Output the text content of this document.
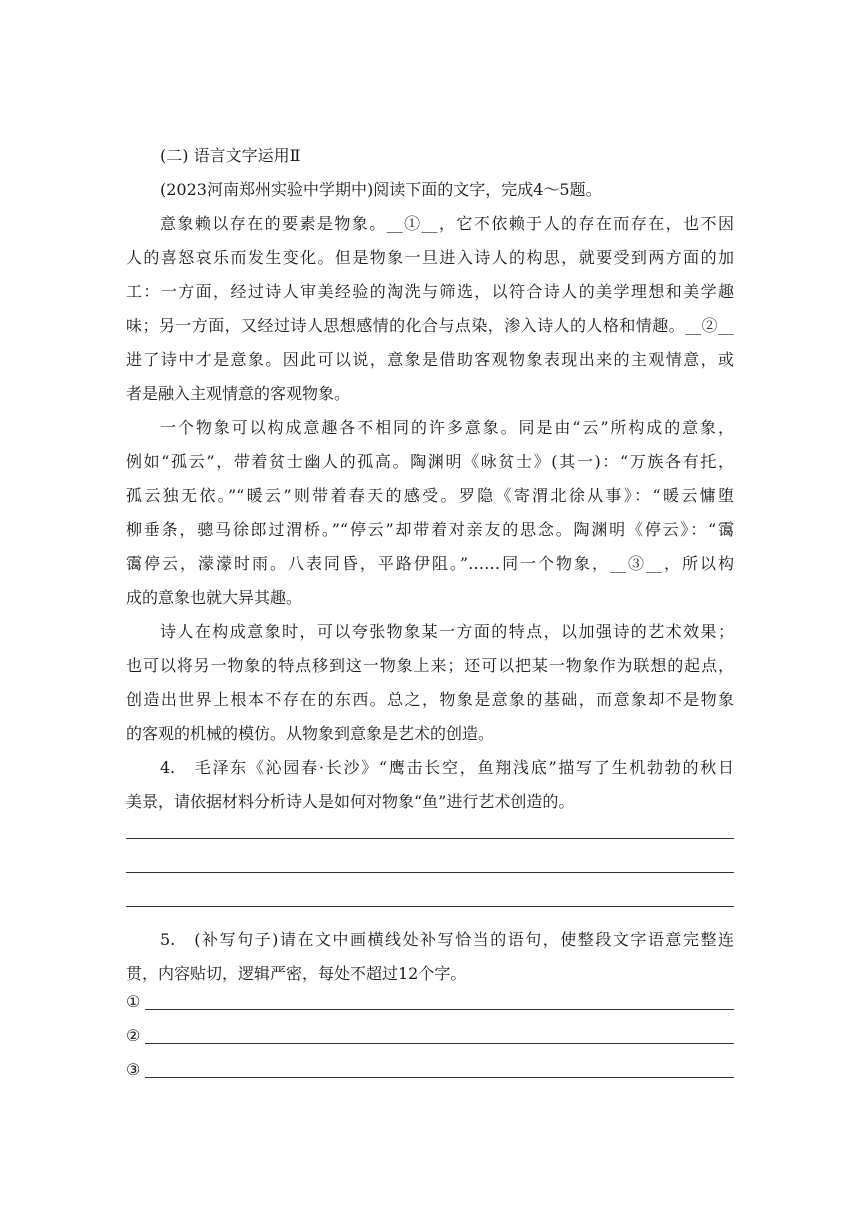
(二) 语言文字运用Ⅱ
(2023河南郑州实验中学期中)阅读下面的文字，完成4～5题。
意象赖以存在的要素是物象。__①__，它不依赖于人的存在而存在，也不因
人的喜怒哀乐而发生变化。但是物象一旦进入诗人的构思，就要受到两方面的加
工：一方面，经过诗人审美经验的淘洗与筛选，以符合诗人的美学理想和美学趣
味；另一方面，又经过诗人思想感情的化合与点染，渗入诗人的人格和情趣。__②__
进了诗中才是意象。因此可以说，意象是借助客观物象表现出来的主观情意，或
者是融入主观情意的客观物象。
一个物象可以构成意趣各不相同的许多意象。同是由“云”所构成的意象，
例如“孤云”，带着贫士幽人的孤高。陶渊明《咏贫士》(其一)：“万族各有托，
孤云独无依。”“暖云”则带着春天的感受。罗隐《寄渭北徐从事》：“暖云慵堕
柳垂条，骢马徐郎过渭桥。”“停云”却带着对亲友的思念。陶渊明《停云》：“霭
霭停云，濛濛时雨。八表同昏，平路伊阻。”……同一个物象，__③__，所以构
成的意象也就大异其趣。
诗人在构成意象时，可以夸张物象某一方面的特点，以加强诗的艺术效果；
也可以将另一物象的特点移到这一物象上来；还可以把某一物象作为联想的起点，
创造出世界上根本不存在的东西。总之，物象是意象的基础，而意象却不是物象
的客观的机械的模仿。从物象到意象是艺术的创造。
4.　毛泽东《沁园春·长沙》“鹰击长空，鱼翔浅底”描写了生机勃勃的秋日
美景，请依据材料分析诗人是如何对物象“鱼”进行艺术创造的。
5.　(补写句子)请在文中画横线处补写恰当的语句，使整段文字语意完整连
贯，内容贴切，逻辑严密，每处不超过12个字。
①
②
③
